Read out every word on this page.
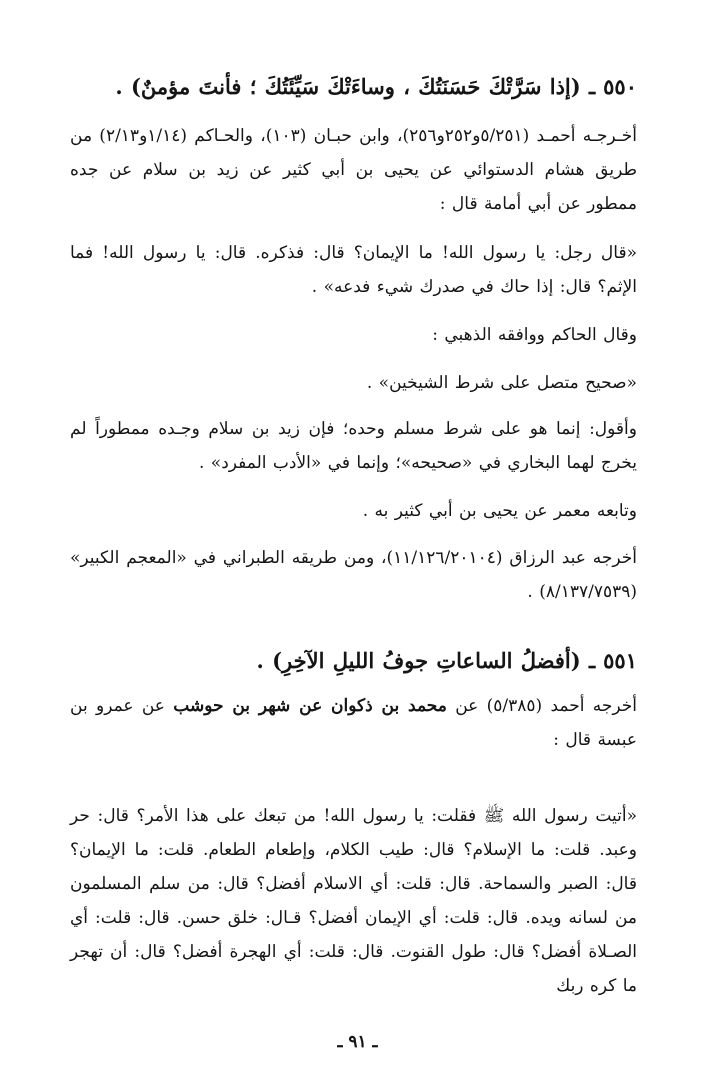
٥٥٠ـ (إذا سَرَّتْكَ حَسَنَتُكَ ، وساءَتْكَ سَيِّئَتُكَ ؛ فأنتَ مؤمنٌ) .
أخـرجـه أحمـد (٥/٢٥١و٢٥٢و٢٥٦)، وابن حبـان (١٠٣)، والحـاكم (١/١٤و٢/١٣) من طريق هشام الدستوائي عن يحيى بن أبي كثير عن زيد بن سلام عن جده ممطور عن أبي أمامة قال :
«قال رجل: يا رسول الله! ما الإيمان؟ قال: فذكره. قال: يا رسول الله! فما الإثم؟ قال: إذا حاك في صدرك شيء فدعه» .
وقال الحاكم ووافقه الذهبي :
«صحيح متصل على شرط الشيخين» .
وأقول: إنما هو على شرط مسلم وحده؛ فإن زيد بن سلام وجـده ممطوراً لم يخرج لهما البخاري في «صحيحه»؛ وإنما في «الأدب المفرد» .
وتابعه معمر عن يحيى بن أبي كثير به .
أخرجه عبد الرزاق (١١/١٢٦/٢٠١٠٤)، ومن طريقه الطبراني في «المعجم الكبير» (٨/١٣٧/٧٥٣٩) .
٥٥١ـ (أفضلُ الساعاتِ جوفُ الليلِ الآخِرِ) .
أخرجه أحمد (٥/٣٨٥) عن محمد بن ذكوان عن شهر بن حوشب عن عمرو بن عبسة قال :
«أتيت رسول الله ﷺ فقلت: يا رسول الله! من تبعك على هذا الأمر؟ قال: حر وعبد. قلت: ما الإسلام؟ قال: طيب الكلام، وإطعام الطعام. قلت: ما الإيمان؟ قال: الصبر والسماحة. قال: قلت: أي الاسلام أفضل؟ قال: من سلم المسلمون من لسانه ويده. قال: قلت: أي الإيمان أفضل؟ قـال: خلق حسن. قال: قلت: أي الصـلاة أفضل؟ قال: طول القنوت. قال: قلت: أي الهجرة أفضل؟ قال: أن تهجر ما كره ربك
ـ ٩١ ـ
